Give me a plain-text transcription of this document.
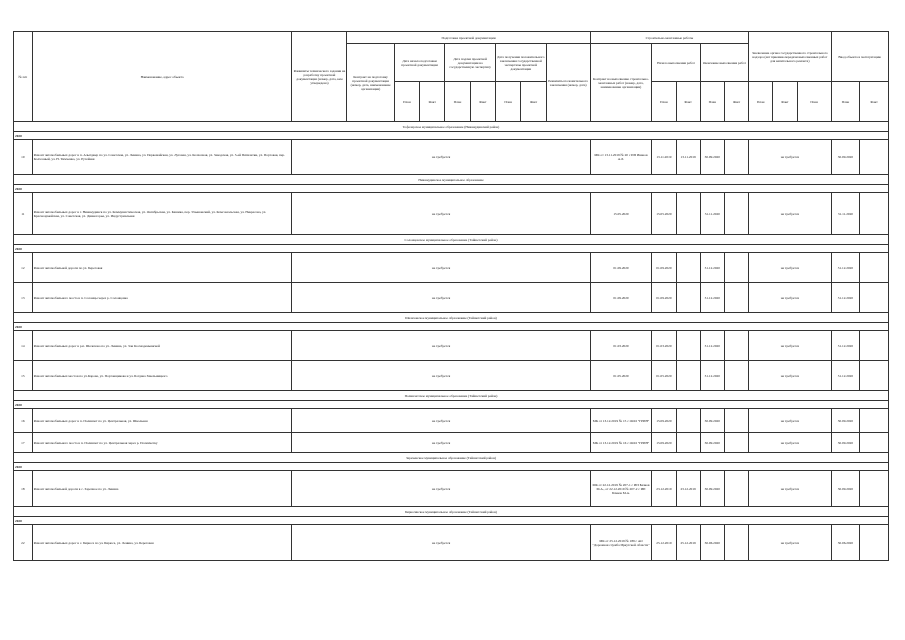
№ п/п	Наименование, адрес объекта	Реквизиты технического задания на разработку проектной документации (номер, дата, кем утверждено)	Подготовка проектной документации								Строительно-монтажные работы					Заключение органа государственного строительного надзора (акт приемки-передачи выполненных работ для капитального ремонта)			Ввод объекта в эксплуатацию	
			Контракт на подготовку проектной документации (номер, дата, наименование организации)	Дата начала подготовки проектной документации		Дата подачи проектной документации на государственную экспертизу		Дата получения положительного заключения государственной экспертизы проектной документации		Реквизиты положительного заключения (номер, дата)	Контракт на выполнение строительно-монтажных работ (номер, дата, наименование организации)	Начало выполнения работ		Окончание выполнения работ						
				План	Факт	План	Факт	План	Факт			План	Факт	План	Факт	План	Факт	План	План	Факт
Тофаларское муниципальное образование (Нижнеудинский район)																				
2020																				
10	Ремонт автомобильных дорог в п. Алыгджер по ул. Советская, ул. Ленина, ул. Первомайская, ул. Луговая, ул. Колхозная, ул. Заводская, ул. 3-ей Пятилетки, ул. Портовая, пер. Колхозный, ул. Н. Тимченко, ул. Рутейная	не требуется									МК от 13.11.2019 № 20 с ИП Иванов А.Л.	13.11.2019	13.11.2019	30.09.2020		не требуется			30.09.2020	
Нижнеудинское муниципальное образование																				
2020																				
11	Ремонт автомобильных дорог в г. Нижнеудинск по ул. Коммунистическая, ул. Октябрьская, ул. Кашика, пер. Ульяновский, ул. Комсомольская, ул. Некрасова, ул. Красноармейская, ул. Советская, ул. Дивногорья, ул. Индустриальная	не требуется									15.05.2020	15.05.2020		31.11.2020		не требуется			31.11.2020	
Солонцовское муниципальное образование (Тайшетский район)																				
2020																				
12	Ремонт автомобильной дороги по ул. Береговая	не требуется									01.09.2020	01.09.2020		31.12.2020		не требуется			31.12.2020	
13	Ремонт автомобильного моста в п. Солонцы через р. Солонцовка	не требуется									01.09.2020	01.09.2020		31.12.2020		не требуется			31.12.2020	
Шелеховское муниципальное образование (Тайшетский район)																				
2020																				
14	Ремонт автомобильных дорог в р.п. Шелехово по ул. Ленина, ул. Зои Космодемьянской	не требуется									01.03.2020	01.03.2020		31.12.2020		не требуется			31.12.2020	
15	Ремонт автомобильных мостов по ул.Карова, ул. Портовщикова и ул. Богдана Хмельницкого	не требуется									01.05.2020	01.05.2020		31.12.2020		не требуется			31.12.2020	
Полинчетское муниципальное образование (Тайшетский район)																				
2020																				
16	Ремонт автомобильных дорог в п. Полинчет по ул. Центральная, ул. Школьная	не требуется									МК от 13.12.2019 № 15 с ООО "ГРИН"	15.09.2020		30.09.2020		не требуется			30.09.2020	
17	Ремонт автомобильного моста в п. Полинчет по ул. Центральная через р. Полинчетку	не требуется									МК от 13.12.2019 № 16 с ООО "ГРИН"	15.09.2020		30.09.2020		не требуется			30.09.2020	
Зареченское муниципальное образование (Тайшетский район)																				
2020																				
18	Ремонт автомобильной дороги в с. Заречное по ул. Ленина	не требуется									МК от 22.12.2019 № 207-1 с ИП Бачков М.А., от 22.12.2019 № 207-2 с ИП Бачков М.А.	23.12.2019	23.12.2019	30.09.2020		не требуется			30.09.2020	
Бирюсинское муниципальное образование (Тайшетский район)																				
2020																				
22	Ремонт автомобильных дорог в с. Бирюса по ул. Бирюса, ул. Ленина, ул. Береговая	не требуется									МК от 25.12.2019 № 189 с АО "Дорожная служба Иркутской области"	25.12.2019	25.12.2019	30.06.2020		не требуется			30.06.2020	
